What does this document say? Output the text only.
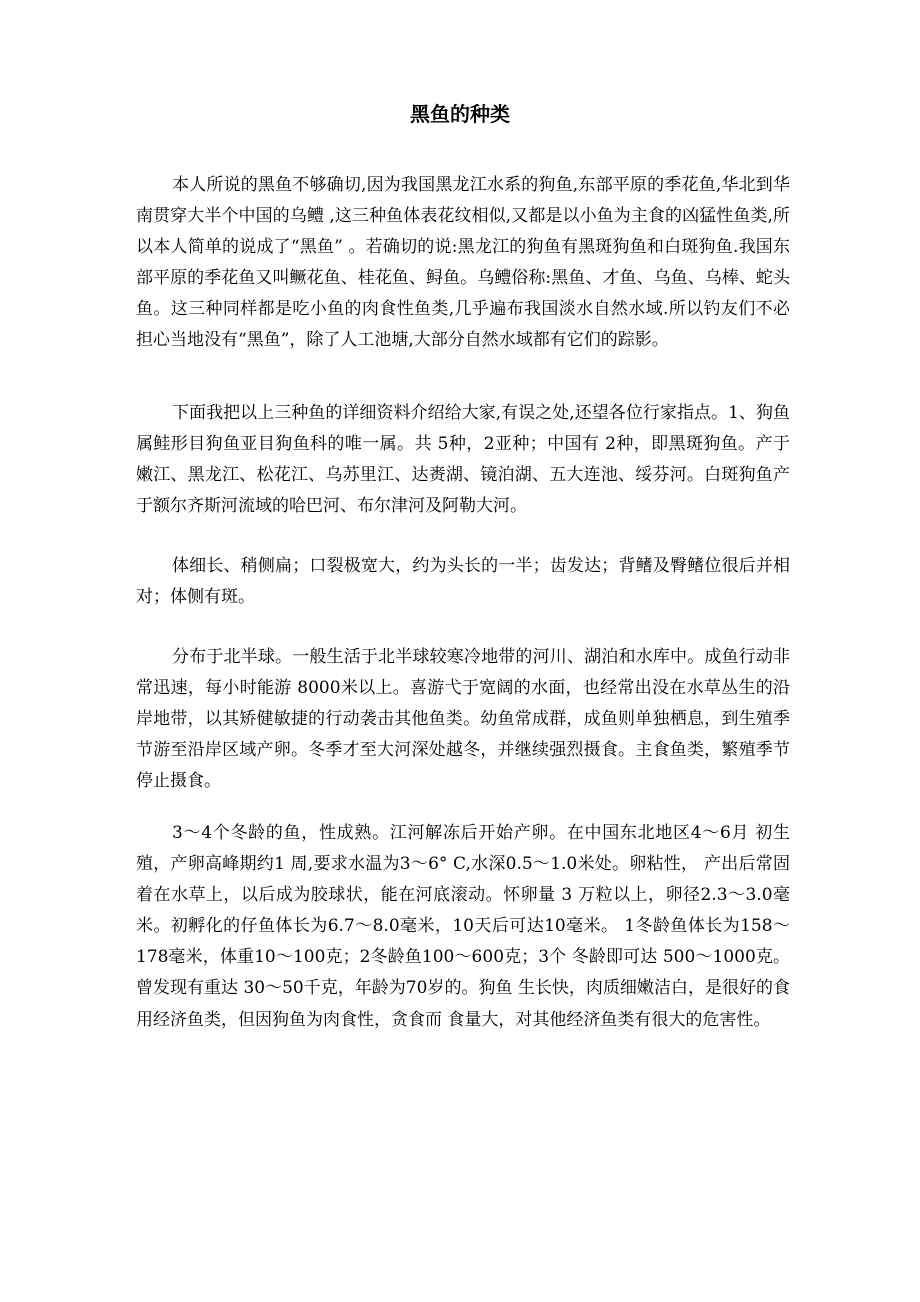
黑鱼的种类

本人所说的黑鱼不够确切,因为我国黑龙江水系的狗鱼,东部平原的季花鱼,华北到华南贯穿大半个中国的乌鳢 ,这三种鱼体表花纹相似,又都是以小鱼为主食的凶猛性鱼类,所以本人简单的说成了“黑鱼” 。若确切的说:黑龙江的狗鱼有黑斑狗鱼和白斑狗鱼.我国东部平原的季花鱼又叫鳜花鱼、桂花鱼、鲟鱼。乌鳢俗称:黑鱼、才鱼、乌鱼、乌棒、蛇头鱼。这三种同样都是吃小鱼的肉食性鱼类,几乎遍布我国淡水自然水域.所以钓友们不必担心当地没有“黑鱼”，除了人工池塘,大部分自然水域都有它们的踪影。

下面我把以上三种鱼的详细资料介绍给大家,有误之处,还望各位行家指点。1、狗鱼属鲑形目狗鱼亚目狗鱼科的唯一属。共 5种，2亚种；中国有 2种，即黑斑狗鱼。产于嫩江、黑龙江、松花江、乌苏里江、达赉湖、镜泊湖、五大连池、绥芬河。白斑狗鱼产于额尔齐斯河流域的哈巴河、布尔津河及阿勒大河。

体细长、稍侧扁；口裂极宽大，约为头长的一半；齿发达；背鳍及臀鳍位很后并相对；体侧有斑。

分布于北半球。一般生活于北半球较寒冷地带的河川、湖泊和水库中。成鱼行动非常迅速，每小时能游 8000米以上。喜游弋于宽阔的水面，也经常出没在水草丛生的沿岸地带，以其矫健敏捷的行动袭击其他鱼类。幼鱼常成群，成鱼则单独栖息，到生殖季节游至沿岸区域产卵。冬季才至大河深处越冬，并继续强烈摄食。主食鱼类，繁殖季节停止摄食。

3～4个冬龄的鱼，性成熟。江河解冻后开始产卵。在中国东北地区4～6月 初生殖，产卵高峰期约1 周,要求水温为3～6° C,水深0.5～1.0米处。卵粘性， 产出后常固着在水草上，以后成为胶球状，能在河底滚动。怀卵量 3 万粒以上，卵径2.3～3.0毫米。初孵化的仔鱼体长为6.7～8.0毫米，10天后可达10毫米。 1冬龄鱼体长为158～178毫米，体重10～100克；2冬龄鱼100～600克；3个 冬龄即可达 500～1000克。曾发现有重达 30～50千克，年龄为70岁的。狗鱼 生长快，肉质细嫩洁白，是很好的食用经济鱼类，但因狗鱼为肉食性，贪食而 食量大，对其他经济鱼类有很大的危害性。
